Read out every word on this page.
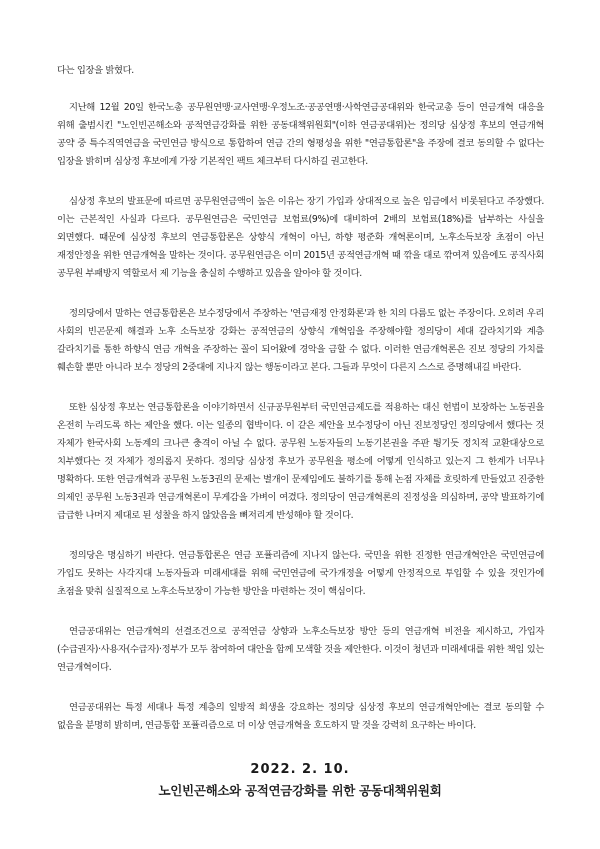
다는 입장을 밝혔다.

지난해 12월 20일 한국노총 공무원연맹·교사연맹·우정노조·공공연맹·사학연금공대위와 한국교총 등이 연금개혁 대응을 위해 출범시킨 "노인빈곤해소와 공적연금강화를 위한 공동대책위원회"(이하 연금공대위)는 정의당 심상정 후보의 연금개혁 공약 중 특수직역연금을 국민연금 방식으로 통합하여 연금 간의 형평성을 위한 "연금통합론"을 주장에 결코 동의할 수 없다는 입장을 밝히며 심상정 후보에게 가장 기본적인 팩트 체크부터 다시하길 권고한다.

심상정 후보의 발표문에 따르면 공무원연금액이 높은 이유는 장기 가입과 상대적으로 높은 임금에서 비롯된다고 주장했다. 이는 근본적인 사실과 다르다. 공무원연금은 국민연금 보험료(9%)에 대비하여 2배의 보험료(18%)를 납부하는 사실을 외면했다. 때문에 심상정 후보의 연금통합론은 상향식 개혁이 아닌, 하향 평준화 개혁론이며, 노후소득보장 초점이 아닌 재정안정을 위한 연금개혁을 말하는 것이다. 공무원연금은 이미 2015년 공적연금개혁 때 깎을 대로 깎여져 있음에도 공직사회 공무원 부패방지 역할로서 제 기능을 충실히 수행하고 있음을 알아야 할 것이다.

정의당에서 말하는 연금통합론은 보수정당에서 주장하는 '연금재정 안정화론'과 한 치의 다름도 없는 주장이다. 오히려 우리 사회의 빈곤문제 해결과 노후 소득보장 강화는 공적연금의 상향식 개혁임을 주장해야할 정의당이 세대 갈라치기와 계층 갈라치기를 통한 하향식 연금 개혁을 주장하는 꼴이 되어왔에 경악을 금할 수 없다. 이러한 연금개혁론은 진보 정당의 가치를 훼손할 뿐만 아니라 보수 정당의 2중대에 지나지 않는 행동이라고 본다. 그들과 무엇이 다른지 스스로 증명해내길 바란다.

또한 심상정 후보는 연금통합론을 이야기하면서 신규공무원부터 국민연금제도를 적용하는 대신 헌법이 보장하는 노동권을 온전히 누리도록 하는 제안을 했다. 이는 일종의 협박이다. 이 같은 제안을 보수정당이 아닌 진보정당인 정의당에서 했다는 것 자체가 한국사회 노동계의 크나큰 충격이 아닐 수 없다. 공무원 노동자들의 노동기본권을 주판 튕기듯 정치적 교환대상으로 치부했다는 것 자체가 정의롭지 못하다. 정의당 심상정 후보가 공무원을 평소에 어떻게 인식하고 있는지 그 한계가 너무나 명확하다. 또한 연금개혁과 공무원 노동3권의 문제는 별개이 문제임에도 불하기를 통해 논점 자체를 흐릿하게 만들었고 진중한 의제인 공무원 노동3권과 연금개혁론이 무게감을 가벼이 여겼다. 정의당이 연금개혁론의 진정성을 의심하며, 공약 발표하기에 급급한 나머지 제대로 된 성찰을 하지 않았음을 뼈저리게 반성해야 할 것이다.

정의당은 명심하기 바란다. 연금통합론은 연금 포퓰리즘에 지나지 않는다. 국민을 위한 진정한 연금개혁안은 국민연금에 가입도 못하는 사각지대 노동자들과 미래세대를 위해 국민연금에 국가개정을 어떻게 안정적으로 투입할 수 있을 것인가에 초점을 맞춰 실질적으로 노후소득보장이 가능한 방안을 마련하는 것이 핵심이다.

연금공대위는 연금개혁의 선결조건으로 공적연금 상향과 노후소득보장 방안 등의 연금개혁 비전을 제시하고, 가입자(수급권자)·사용자(수급자)·정부가 모두 참여하여 대안을 함께 모색할 것을 제안한다. 이것이 청년과 미래세대를 위한 책임 있는 연금개혁이다.

연금공대위는 특정 세대나 특정 계층의 일방적 희생을 강요하는 정의당 심상정 후보의 연금개혁안에는 결코 동의할 수 없음을 분명히 밝히며, 연금통합 포퓰리즘으로 더 이상 연금개혁을 호도하지 말 것을 강력히 요구하는 바이다.

2022. 2. 10.
노인빈곤해소와 공적연금강화를 위한 공동대책위원회
